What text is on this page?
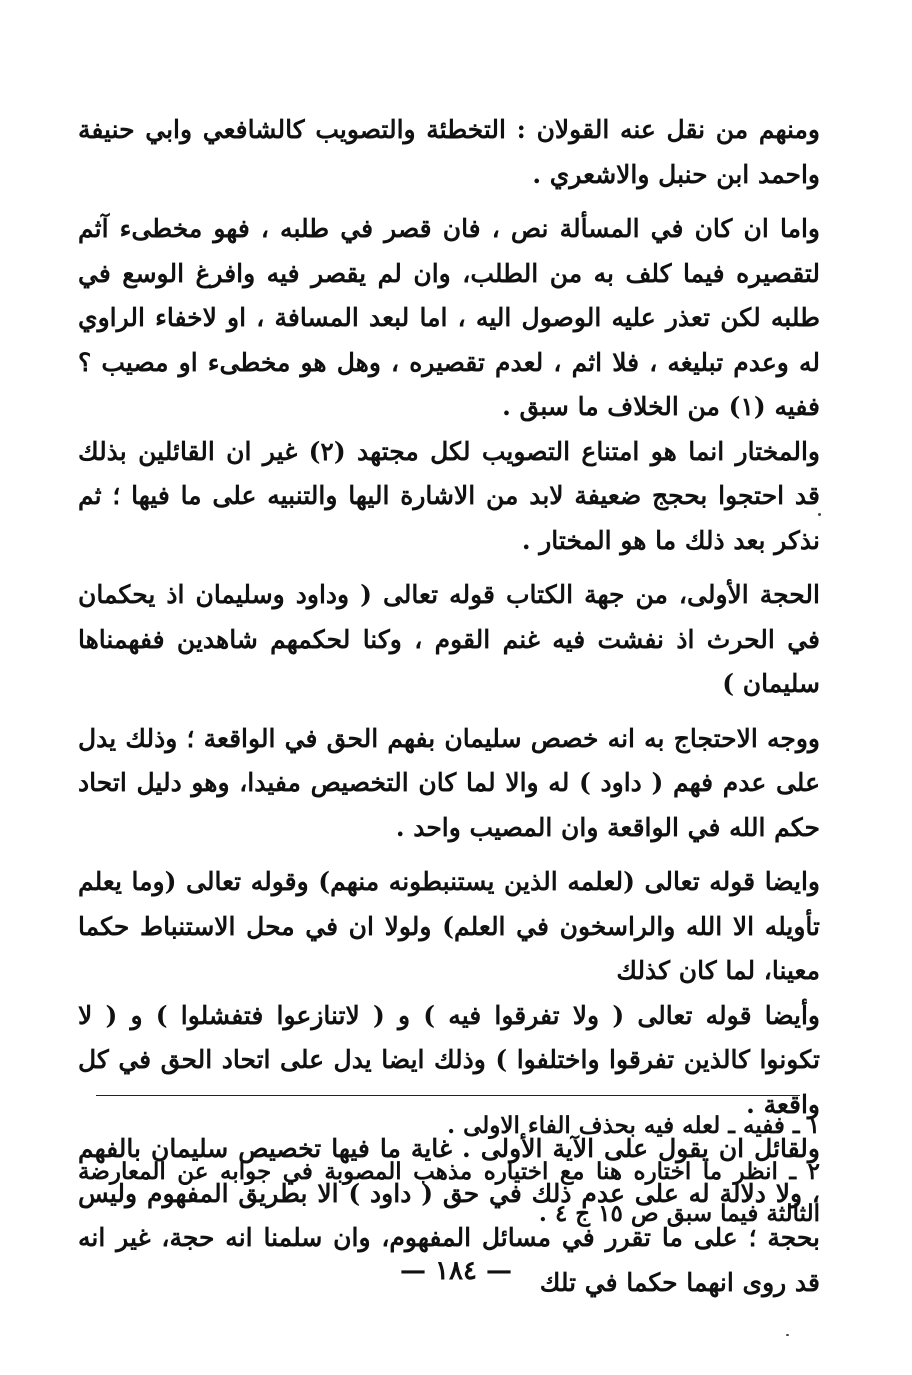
ومنهم من نقل عنه القولان : التخطئة والتصويب كالشافعي وابي حنيفة واحمد ابن حنبل والاشعري .

واما ان كان في المسألة نص ، فان قصر في طلبه ، فهو مخطىء آثم لتقصيره فيما كلف به من الطلب، وان لم يقصر فيه وافرغ الوسع في طلبه لكن تعذر عليه الوصول اليه ، اما لبعد المسافة ، او لاخفاء الراوي له وعدم تبليغه ، فلا اثم ، لعدم تقصيره ، وهل هو مخطىء او مصيب ؟ ففيه (١) من الخلاف ما سبق .

والمختار انما هو امتناع التصويب لكل مجتهد (٢) غير ان القائلين بذلك قد احتجوا بحجج ضعيفة لابد من الاشارة اليها والتنبيه على ما فيها ؛ ثم نذكر بعد ذلك ما هو المختار .

الحجة الأولى، من جهة الكتاب قوله تعالى ( وداود وسليمان اذ يحكمان في الحرث اذ نفشت فيه غنم القوم ، وكنا لحكمهم شاهدين ففهمناها سليمان )

ووجه الاحتجاج به انه خصص سليمان بفهم الحق في الواقعة ؛ وذلك يدل على عدم فهم ( داود ) له والا لما كان التخصيص مفيدا، وهو دليل اتحاد حكم الله في الواقعة وان المصيب واحد .

وايضا قوله تعالى (لعلمه الذين يستنبطونه منهم) وقوله تعالى (وما يعلم تأويله الا الله والراسخون في العلم) ولولا ان في محل الاستنباط حكما معينا، لما كان كذلك

وأيضا قوله تعالى ( ولا تفرقوا فيه ) و ( لاتنازعوا فتفشلوا ) و ( لا تكونوا كالذين تفرقوا واختلفوا ) وذلك ايضا يدل على اتحاد الحق في كل واقعة .

ولقائل ان يقول على الآية الأولى . غاية ما فيها تخصيص سليمان بالفهم ، ولا دلالة له على عدم ذلك في حق ( داود ) الا بطريق المفهوم وليس بحجة ؛ على ما تقرر في مسائل المفهوم، وان سلمنا انه حجة، غير انه قد روى انهما حكما في تلك

١ ـ ففيه ـ لعله فيه بحذف الفاء الاولى .

٢ ـ انظر ما اختاره هنا مع اختياره مذهب المصوبة في جوابه عن المعارضة الثالثة فيما سبق ص ١٥ ج ٤ .

— ١٨٤ —
